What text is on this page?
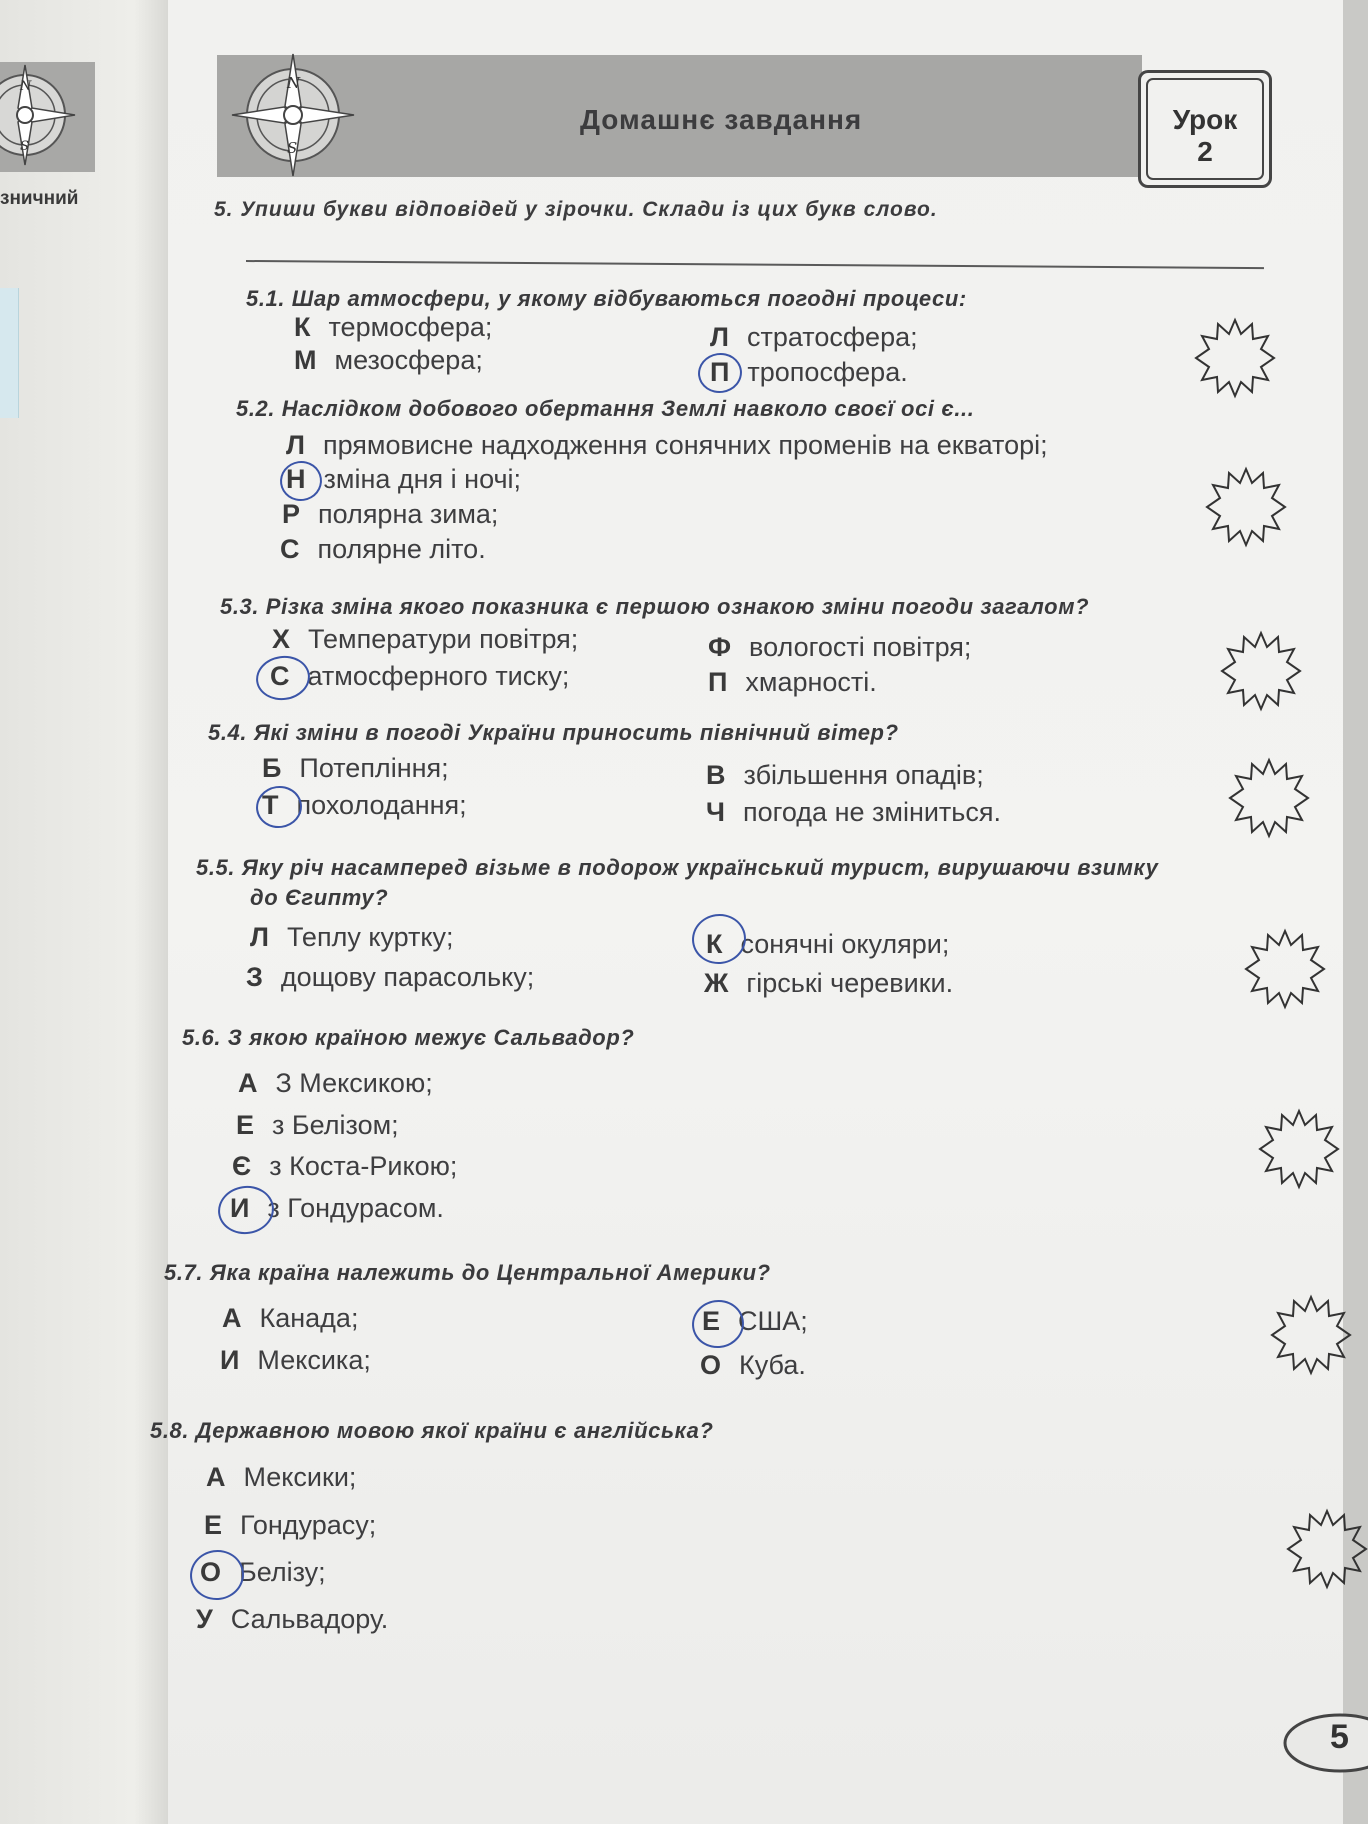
N
S
зничний
N
S
Домашнє завдання	Урок
2
5. Упиши букви відповідей у зірочки. Склади із цих букв слово.
5.1. Шар атмосфери, у якому відбуваються погодні процеси:
К термосфера;
М мезосфера;
Л стратосфера;
П тропосфера.
5.2. Наслідком добового обертання Землі навколо своєї осі є...
Л прямовисне надходження сонячних променів на екваторі;
Н зміна дня і ночі;
Р полярна зима;
С полярне літо.
5.3. Різка зміна якого показника є першою ознакою зміни погоди загалом?
Х Температури повітря;
С атмосферного тиску;
Ф вологості повітря;
П хмарності.
5.4. Які зміни в погоді України приносить північний вітер?
Б Потепління;
Т похолодання;
В збільшення опадів;
Ч погода не зміниться.
5.5. Яку річ насамперед візьме в подорож український турист, вирушаючи взимку
до Єгипту?
Л Теплу куртку;
З дощову парасольку;
К сонячні окуляри;
Ж гірські черевики.
5.6. З якою країною межує Сальвадор?
А З Мексикою;
Е з Белізом;
Є з Коста-Рикою;
И з Гондурасом.
5.7. Яка країна належить до Центральної Америки?
А Канада;
И Мексика;
Е США;
О Куба.
5.8. Державною мовою якої країни є англійська?
А Мексики;
Е Гондурасу;
О Белізу;
У Сальвадору.
5
